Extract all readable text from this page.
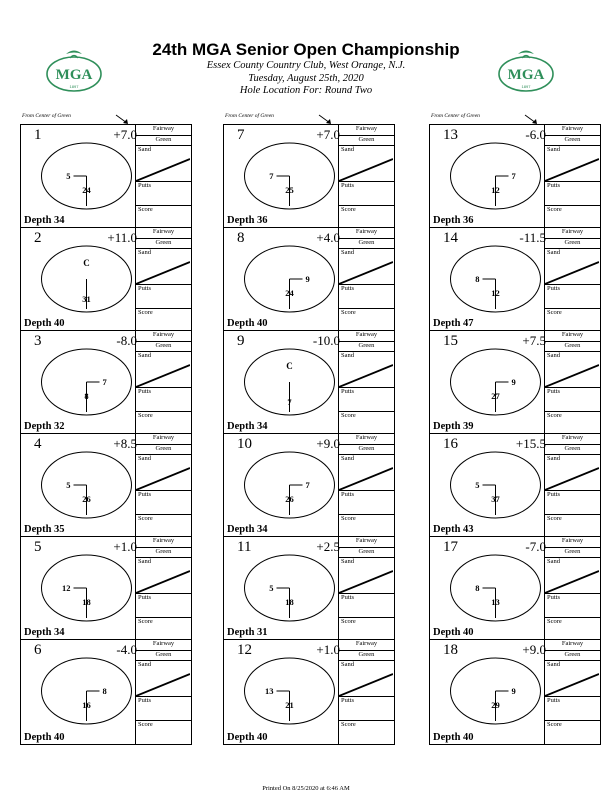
MGA
1897
MGA
1897
24th MGA Senior Open Championship
Essex County Country Club, West Orange, N.J.
Tuesday, August 25th, 2020
Hole Location For: Round Two
From Center of Green
1	+7.0
5
24
Depth 34
Fairway
Green
Sand
Putts
Score
2	+11.0
C
31
Depth 40
Fairway
Green
Sand
Putts
Score
3	-8.0
7
8
Depth 32
Fairway
Green
Sand
Putts
Score
4	+8.5
5
26
Depth 35
Fairway
Green
Sand
Putts
Score
5	+1.0
12
18
Depth 34
Fairway
Green
Sand
Putts
Score
6	-4.0
8
16
Depth 40
Fairway
Green
Sand
Putts
Score
From Center of Green
7	+7.0
7
25
Depth 36
Fairway
Green
Sand
Putts
Score
8	+4.0
9
24
Depth 40
Fairway
Green
Sand
Putts
Score
9	-10.0
C
7
Depth 34
Fairway
Green
Sand
Putts
Score
10	+9.0
7
26
Depth 34
Fairway
Green
Sand
Putts
Score
11	+2.5
5
18
Depth 31
Fairway
Green
Sand
Putts
Score
12	+1.0
13
21
Depth 40
Fairway
Green
Sand
Putts
Score
From Center of Green
13	-6.0
7
12
Depth 36
Fairway
Green
Sand
Putts
Score
14	-11.5
8
12
Depth 47
Fairway
Green
Sand
Putts
Score
15	+7.5
9
27
Depth 39
Fairway
Green
Sand
Putts
Score
16	+15.5
5
37
Depth 43
Fairway
Green
Sand
Putts
Score
17	-7.0
8
13
Depth 40
Fairway
Green
Sand
Putts
Score
18	+9.0
9
29
Depth 40
Fairway
Green
Sand
Putts
Score
Printed On 8/25/2020 at 6:46 AM
